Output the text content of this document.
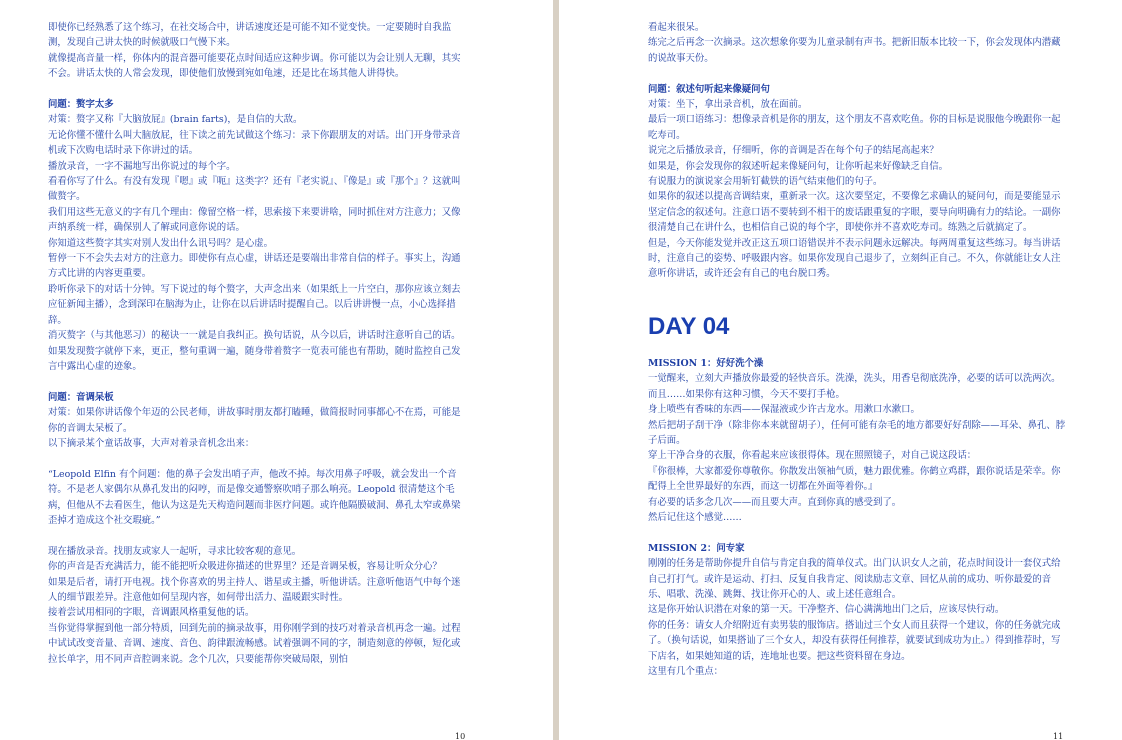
即使你已经熟悉了这个练习，在社交场合中，讲话速度还是可能不知不觉变快。一定要随时自我监测，发现自己讲太快的时候就吸口气慢下来。

就像提高音量一样，你体内的混音器可能要花点时间适应这种步调。你可能以为会让别人无聊，其实不会。讲话太快的人常会发现，即使他们放慢到宛如龟速，还是比在场其他人讲得快。

问题：赘字太多

对策：赘字又称『大脑放屁』(brain farts)，是自信的大敌。

无论你懂不懂什么叫大脑放屁，往下读之前先试做这个练习：录下你跟朋友的对话。出门开身带录音机或下次购电话时录下你讲过的话。

播放录音，一字不漏地写出你说过的每个字。

看看你写了什么。有没有发现『嗯』或『呃』这类字？还有『老实说』、『像是』或『那个』？这就叫做赘字。

我们用这些无意义的字有几个理由：像留空格一样，思索接下来要讲啥，同时抓住对方注意力；又像声纳系统一样，确保别人了解或同意你说的话。

你知道这些赘字其实对别人发出什么讯号吗？是心虚。

暂停一下不会失去对方的注意力。即使你有点心虚，讲话还是要端出非常自信的样子。事实上，沟通方式比讲的内容更重要。

聆听你录下的对话十分钟。写下说过的每个赘字，大声念出来（如果纸上一片空白，那你应该立刻去应征新闻主播），念到深印在脑海为止，让你在以后讲话时提醒自己。以后讲讲慢一点，小心选择措辞。

消灭赘字（与其他恶习）的秘诀一一就是自我纠正。换句话说，从今以后，讲话时注意听自己的话。如果发现赘字就停下来，更正，整句重调一遍，随身带着赘字一览表可能也有帮助，随时监控自己发言中露出心虚的迹象。

问题：音调呆板

对策：如果你讲话像个年迈的公民老师，讲故事时朋友都打瞌睡，做简报时同事都心不在焉，可能是你的音调太呆板了。

以下摘录某个童话故事，大声对着录音机念出来：

“Leopold Elfin 有个问题：他的鼻子会发出哨子声，他改不掉。每次用鼻子呼吸，就会发出一个音符。不是老人家偶尔从鼻孔发出的闷哼，而是像交通警察吹哨子那么响亮。Leopold 很清楚这个毛病，但他从不去看医生，他认为这是先天构造问题而非医疗问题。或许他隔膜破洞、鼻孔太窄或鼻梁歪掉才造成这个社交瑕疵。”

现在播放录音。找朋友或家人一起听，寻求比较客观的意见。

你的声音是否充满活力，能不能把听众吸进你描述的世界里？还是音调呆板，容易让听众分心？

如果是后者，请打开电视。找个你喜欢的男主持人、谐星或主播，听他讲话。注意听他语气中每个迷人的细节跟差异。注意他如何呈现内容，如何带出活力、温暖跟实时性。

接着尝试用相同的字眼，音调跟风格重复他的话。

当你觉得掌握到他一部分特质，回到先前的摘录故事，用你刚学到的技巧对着录音机再念一遍。过程中试试改变音量、音调、速度、音色、韵律跟流畅感。试着强调不同的字，制造刻意的停顿，短化或拉长单字，用不同声音腔调来说。念个几次，只要能帮你突破局限，别怕

10

看起来很呆。

练完之后再念一次摘录。这次想象你要为儿童录制有声书。把新旧版本比较一下，你会发现体内潜藏的说故事天份。

问题：叙述句听起来像疑问句

对策：坐下，拿出录音机，放在面前。

最后一项口语练习：想像录音机是你的朋友，这个朋友不喜欢吃鱼。你的目标是说服他今晚跟你一起吃寿司。

说完之后播放录音，仔细听，你的音调是否在每个句子的结尾高起来？

如果是，你会发现你的叙述听起来像疑问句，让你听起来好像缺乏自信。

有说服力的演说家会用斩钉截铁的语气结束他们的句子。

如果你的叙述以提高音调结束，重新录一次。这次要坚定，不要像乞求确认的疑问句，而是要能显示坚定信念的叙述句。注意口语不要转到不相干的废话跟重复的字眼，要导向明确有力的结论。一副你很清楚自己在讲什么，也相信自己说的每个字，即使你并不喜欢吃寿司。练熟之后就搞定了。

但是，今天你能发觉并改正这五项口语错误并不表示问题永远解决。每两周重复这些练习。每当讲话时，注意自己的姿势、呼吸跟内容。如果你发现自己退步了，立刻纠正自己。不久，你就能让女人注意听你讲话，或许还会有自己的电台脱口秀。

DAY 04
MISSION 1：好好洗个澡

一觉醒来，立刻大声播放你最爱的轻快音乐。洗澡，洗头，用香皂彻底洗净，必要的话可以洗两次。而且……如果你有这种习惯，今天不要打手枪。

身上喷些有香味的东西——保湿液或少许古龙水。用漱口水漱口。

然后把胡子刮干净（除非你本来就留胡子），任何可能有杂毛的地方都要好好刮除——耳朵、鼻孔、脖子后面。

穿上干净合身的衣服，你看起来应该很得体。现在照照镜子，对自己说这段话：

『你很棒，大家都爱你尊敬你。你散发出领袖气质，魅力跟优雅。你鹤立鸡群，跟你说话是荣幸。你配得上全世界最好的东西，而这一切都在外面等着你。』

有必要的话多念几次——而且要大声。直到你真的感受到了。

然后记住这个感觉……

MISSION 2：问专家

刚刚的任务是帮助你提升自信与肯定自我的简单仪式。出门认识女人之前，花点时间设计一套仪式给自己打打气。或许是运动、打扫、反复自我肯定、阅读励志文章、回忆从前的成功、听你最爱的音乐、唱歌、洗澡、跳舞、找让你开心的人、或上述任意组合。

这是你开始认识潜在对象的第一天。干净整齐、信心满满地出门之后，应该尽快行动。

你的任务：请女人介绍附近有卖男装的服饰店。搭讪过三个女人而且获得一个建议，你的任务就完成了。（换句话说，如果搭讪了三个女人，却没有获得任何推荐，就要试到成功为止。）得到推荐时，写下店名，如果她知道的话，连地址也要。把这些资料留在身边。

这里有几个重点：

11
